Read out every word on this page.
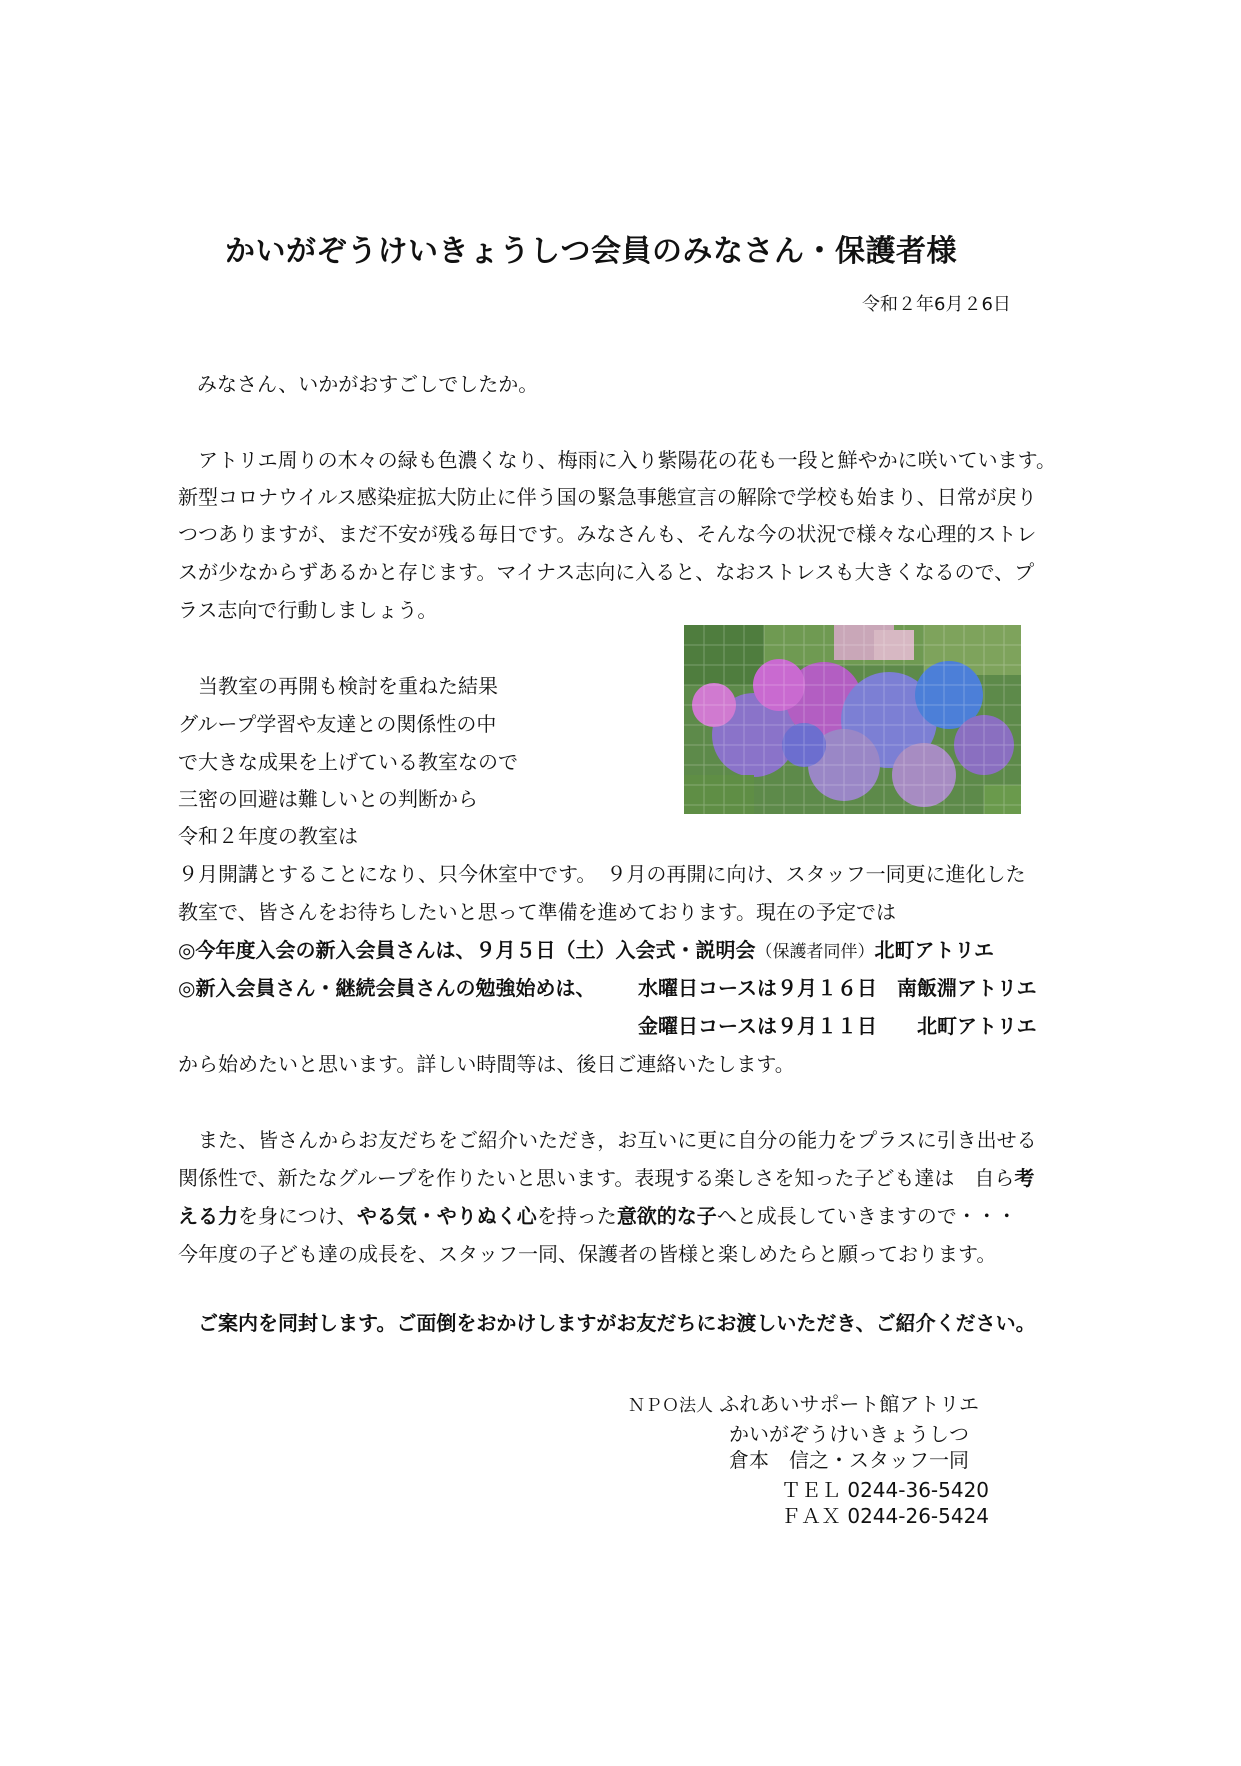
かいがぞうけいきょうしつ会員のみなさん・保護者様
令和２年6月２6日
みなさん、いかがおすごしでしたか。
アトリエ周りの木々の緑も色濃くなり、梅雨に入り紫陽花の花も一段と鮮やかに咲いています。
新型コロナウイルス感染症拡大防止に伴う国の緊急事態宣言の解除で学校も始まり、日常が戻り
つつありますが、まだ不安が残る毎日です。みなさんも、そんな今の状況で様々な心理的ストレ
スが少なからずあるかと存じます。マイナス志向に入ると、なおストレスも大きくなるので、プ
ラス志向で行動しましょう。
当教室の再開も検討を重ねた結果
グループ学習や友達との関係性の中
で大きな成果を上げている教室なので
三密の回避は難しいとの判断から
令和２年度の教室は
９月開講とすることになり、只今休室中です。　９月の再開に向け、スタッフ一同更に進化した
教室で、皆さんをお待ちしたいと思って準備を進めております。現在の予定では
◎今年度入会の新入会員さんは、９月５日（土）入会式・説明会（保護者同伴）北町アトリエ
◎新入会員さん・継続会員さんの勉強始めは、 水曜日コースは９月１６日　南飯淵アトリエ
金曜日コースは９月１１日　　北町アトリエ
から始めたいと思います。詳しい時間等は、後日ご連絡いたします。
また、皆さんからお友だちをご紹介いただき，お互いに更に自分の能力をプラスに引き出せる
関係性で、新たなグループを作りたいと思います。表現する楽しさを知った子ども達は　自ら考
える力を身につけ、やる気・やりぬく心を持った意欲的な子へと成長していきますので・・・
今年度の子ども達の成長を、スタッフ一同、保護者の皆様と楽しめたらと願っております。
ご案内を同封します。ご面倒をおかけしますがお友だちにお渡しいただき、ご紹介ください。
ＮＰＯ法人 ふれあいサポート館アトリエ
かいがぞうけいきょうしつ
倉本　信之・スタッフ一同
ＴＥＬ 0244-36-5420
ＦＡＸ 0244-26-5424
